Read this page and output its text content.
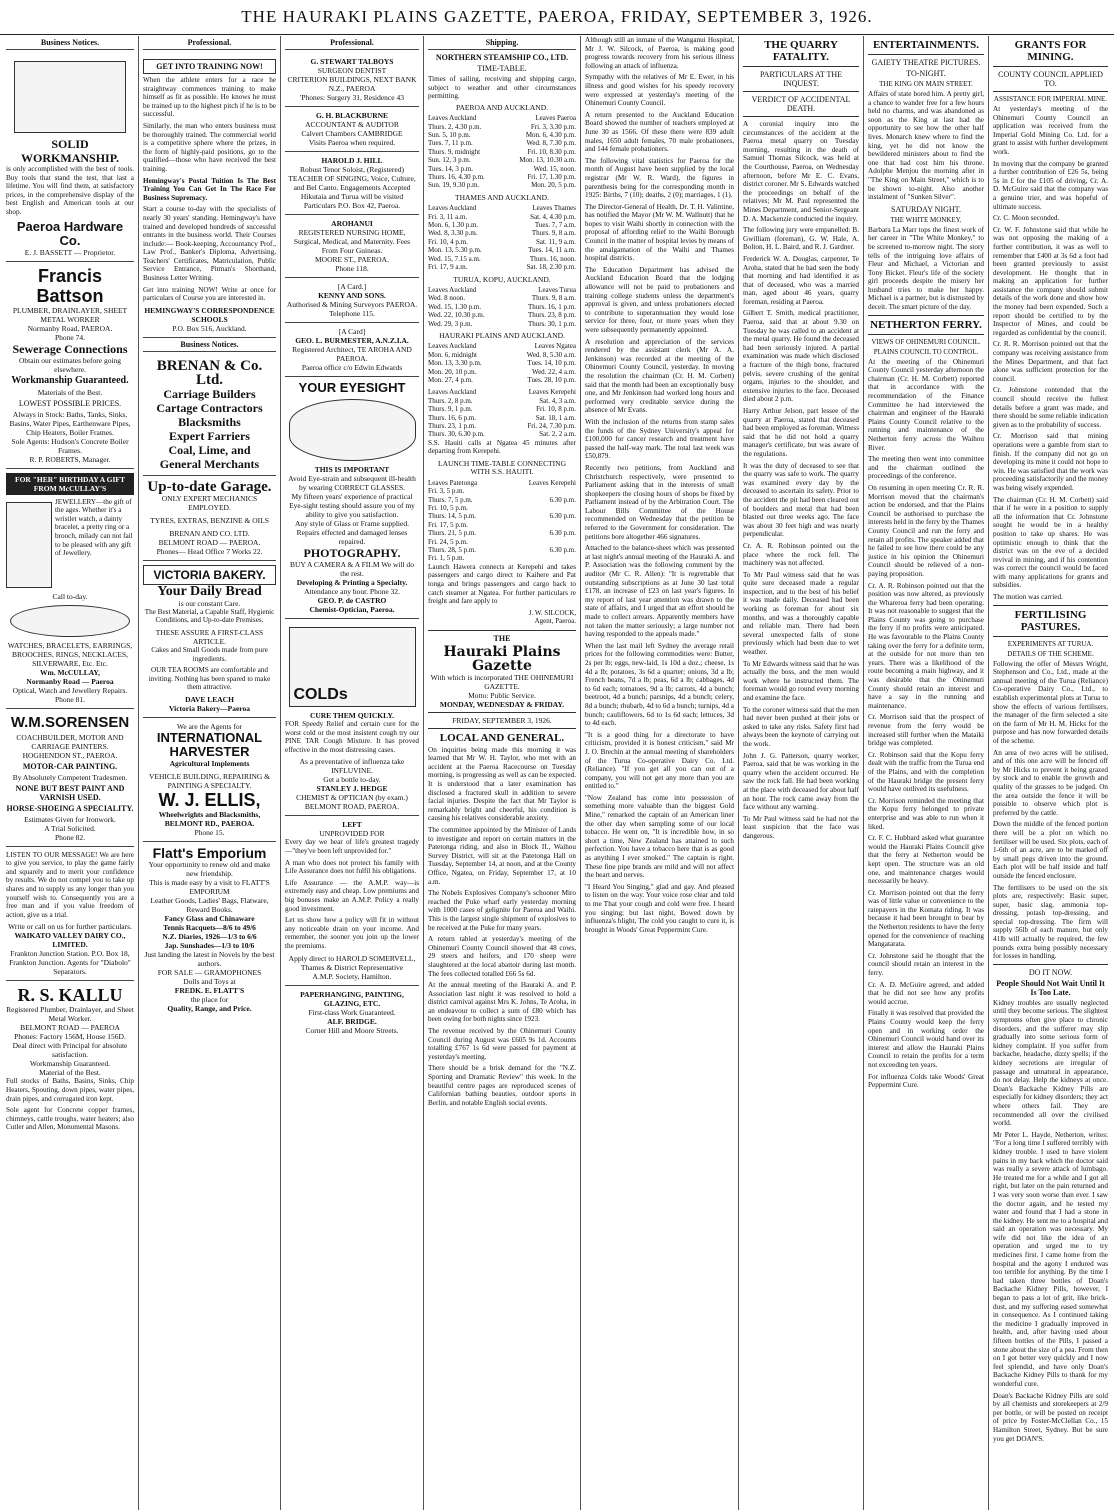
THE HAURAKI PLAINS GAZETTE, PAEROA, FRIDAY, SEPTEMBER 3, 1926.
Business Notices.
SOLID
WORKMANSHIP.
is only accomplished with the best of tools. Buy tools that stand the test, that last a lifetime. You will find them, at satisfactory prices, in the comprehensive display of the best English and American tools at our shop.
Paeroa Hardware Co.
E. J. BASSETT — Proprietor.
Francis Battson
PLUMBER, DRAINLAYER, SHEET METAL WORKER
Normanby Road, PAEROA.
Phone 74.
Sewerage Connections
Obtain our estimates before going elsewhere.
Workmanship Guaranteed.
Materials of the Best.
LOWEST POSSIBLE PRICES.
Always in Stock: Baths, Tanks, Sinks, Basins, Water Pipes, Earthenware Pipes, Chip Heaters, Boiler Frames.
Sole Agents: Hudson's Concrete Boiler Frames.
R. P. ROBERTS, Manager.
FOR "HER" BIRTHDAY A GIFT FROM McCULLAY'S
JEWELLERY—the gift of the ages. Whether it's a wristlet watch, a dainty bracelet, a pretty ring or a brooch, milady can not fail to be pleased with any gift of Jewellery.
Call to-day.
WATCHES, BRACELETS, EARRINGS, BROOCHES, RINGS, NECKLACES, SILVERWARE, Etc. Etc.
Wm. McCULLAY,
Normanby Road — Paeroa
Optical, Watch and Jewellery Repairs.
Phone 81.
W.M.SORENSEN
COACHBUILDER, MOTOR AND CARRIAGE PAINTERS.
HOGHENDON ST., PAEROA.
MOTOR-CAR PAINTING.
By Absolutely Competent Tradesmen.
NONE BUT BEST PAINT AND VARNISH USED.
HORSE-SHOEING A SPECIALITY.
Estimates Given for Ironwork.
A Trial Solicited.
Phone 82.
LISTEN TO OUR MESSAGE! We are here to give you service, to play the game fairly and squarely and to merit your confidence by results. We do not compel you to take up shares and to supply us any longer than you yourself wish to. Consequently you are a free man and if you value freedom of action, give us a trial.
Write or call on us for further particulars.
WAIKATO VALLEY DAIRY CO., LIMITED.
Frankton Junction Station. P.O. Box 18, Frankton Junction. Agents for "Diabolo" Separators.
R. S. KALLU
Registered Plumber, Drainlayer, and Sheet Metal Worker.
BELMONT ROAD — PAEROA
Phones: Factory 156M, House 156D.
Deal direct with Principal for absolute satisfaction.
Workmanship Guaranteed.
Material of the Best.
Full stocks of Baths, Basins, Sinks, Chip Heaters, Spouting, down pipes, water pipes, drain pipes, and corrugated iron kept.
Sole agent for Concrete copper frames, chimneys, cattle troughs, water heaters; also Cutler and Allen, Monumental Masons.
Professional.
GET INTO TRAINING NOW!
When the athlete enters for a race he straightway commences training to make himself as fit as possible. He knows he must be trained up to the highest pitch if he is to be successful.
Similarly, the man who enters business must be thoroughly trained. The commercial world is a competitive sphere where the prizes, in the form of highly-paid positions, go to the qualified—those who have received the best training.
Hemingway's Postal Tuition Is The Best Training You Can Get In The Race For Business Supremacy.
Start a course to-day with the specialists of nearly 30 years' standing. Hemingway's have trained and developed hundreds of successful entrants in the business world. Their Courses include:— Book-keeping, Accountancy Prof., Law Prof., Banker's Diploma, Advertising, Teachers' Certificates, Matriculation, Public Service Entrance, Pitman's Shorthand, Business Letter Writing.
Get into training NOW! Write at once for particulars of Course you are interested in.
HEMINGWAY'S CORRESPONDENCE SCHOOLS
P.O. Box 516, Auckland.
Business Notices.
BRENAN & Co. Ltd.
Carriage Builders
Cartage Contractors
Blacksmiths
Expert Farriers
Coal, Lime, and
General Merchants
Up-to-date Garage.
ONLY EXPERT MECHANICS EMPLOYED.
TYRES, EXTRAS, BENZINE & OILS
BRENAN AND CO. LTD.
BELMONT ROAD — PAEROA.
Phones— Head Office 7 Works 22.
VICTORIA BAKERY.
Your Daily Bread
is our constant Care.
The Best Material, a Capable Staff, Hygienic Conditions, and Up-to-date Premises.
THESE ASSURE A FIRST-CLASS ARTICLE.
Cakes and Small Goods made from pure ingredients.
OUR TEA ROOMS are comfortable and inviting. Nothing has been spared to make them attractive.
DAVE LEACH
Victoria Bakery—Paeroa
We are the Agents for
INTERNATIONAL HARVESTER
Agricultural Implements
VEHICLE BUILDING, REPAIRING & PAINTING A SPECIALTY.
W. J. ELLIS,
Wheelwrights and Blacksmiths,
BELMONT RD., PAEROA.
Phone 15.
Flatt's Emporium
Your opportunity to renew old and make new friendship.
This is made easy by a visit to FLATT'S EMPORIUM
Leather Goods, Ladies' Bags, Flatware, Reward Books.
Fancy Glass and Chinaware
Tennis Racquets—8/6 to 49/6
N.Z. Diaries, 1926—1/3 to 6/6
Jap. Sunshades—1/3 to 10/6
Just landing the latest in Novels by the best authors.
FOR SALE — GRAMOPHONES
Dolls and Toys at
FREDK. E. FLATT'S
the place for
Quality, Range, and Price.
Professional.
G. STEWART TALBOYS
SURGEON DENTIST
CRITERION BUILDINGS, NEXT BANK N.Z., PAEROA
'Phones: Surgery 31, Residence 43
G. H. BLACKBURNE
ACCOUNTANT & AUDITOR
Calvert Chambers CAMBRIDGE
Visits Paeroa when required.
HAROLD J. HILL
Robust Tenor Soloist, (Registered)
TEACHER OF SINGING, Voice, Culture, and Bel Canto. Engagements Accepted
Hikutaia and Turua will be visited
Particulars P.O. Box 42, Paeroa.
AROHANUI
REGISTERED NURSING HOME, Surgical, Medical, and Maternity. Fees From Four Guineas.
MOORE ST., PAEROA.
Phone 118.
[A Card.]
KENNY AND SONS.
Authorised & Mining Surveyors PAEROA.
Telephone 115.
[A Card]
GEO. L. BURMESTER, A.N.Z.I.A.
Registered Architect, TE AROHA AND PAEROA.
Paeroa office c/o Edwin Edwards
YOUR EYESIGHT
THIS IS IMPORTANT
Avoid Eye-strain and subsequent ill-health by wearing CORRECT GLASSES.
My fifteen years' experience of practical Eye-sight testing should assure you of my ability to give you satisfaction.
Any style of Glass or Frame supplied.
Repairs effected and damaged lenses repaired.
PHOTOGRAPHY.
BUY A CAMERA & A FILM We will do the rest.
Developing & Printing a Specialty.
Attendance any hour. Phone 32.
GEO. P. de CASTRO
Chemist-Optician, Paeroa.
COLDs
CURE THEM QUICKLY.
FOR Speedy Relief and certain cure for the worst cold or the most insistent cough try our PINE TAR Cough Mixture. It has proved effective in the most distressing cases.
As a preventative of influenza take INFLUVINE.
Get a bottle to-day.
STANLEY J. HEDGE
CHEMIST & OPTICIAN (by exam.)
BELMONT ROAD, PAEROA.
LEFT
UNPROVIDED FOR
Every day we hear of life's greatest tragedy—"they've been left unprovided for."
A man who does not protect his family with Life Assurance does not fulfil his obligations.
Life Assurance — the A.M.P. way—is extremely easy and cheap. Low premiums and big bonuses make an A.M.P. Policy a really good investment.
Let us show how a policy will fit in without any noticeable drain on your income. And remember, the sooner you join up the lower the premiums.
Apply direct to HAROLD SOMERVELL,
Thames & District Representative
A.M.P. Society, Hamilton.
PAPERHANGING, PAINTING, GLAZING, ETC.
First-class Work Guaranteed.
ALF. BRIDGE.
Corner Hill and Moore Streets.
Shipping.
NORTHERN STEAMSHIP CO., LTD.
TIME-TABLE.
Times of sailing, receiving and shipping cargo, subject to weather and other circumstances permitting.
PAEROA AND AUCKLAND.
Leaves Auckland	Leaves Paeroa
Thurs. 2, 4.30 p.m.	Fri. 3, 3.30 p.m.
Sun. 5, 10 p.m.	Mon. 6, 4.30 p.m.
Tues. 7, 11 p.m.	Wed. 8, 7.30 p.m.
Thurs. 9, midnight	Fri. 10, 8.30 p.m.
Sun. 12, 3 p.m.	Mon. 13, 10.30 a.m.
Tues. 14, 3 p.m.	Wed. 15, noon.
Thurs. 16, 4.30 p.m.	Fri. 17, 1.30 p.m.
Sun. 19, 9.30 p.m.	Mon. 20, 5 p.m.
THAMES AND AUCKLAND.
Leaves Auckland	Leaves Thames
Fri. 3, 11 a.m.	Sat. 4, 4.30 p.m.
Mon. 6, 1.30 p.m.	Tues. 7, 7 a.m.
Wed. 8, 3.30 p.m.	Thurs. 9, 8 a.m.
Fri. 10, 4 p.m.	Sat. 11, 9 a.m.
Mon. 13, 5.30 p.m.	Tues. 14, 11 a.m.
Wed. 15, 7.15 a.m.	Thurs. 16, noon.
Fri. 17, 9 a.m.	Sat. 18, 2.30 p.m.
TURUA, KOPU, AUCKLAND.
Leaves Auckland	Leaves Turua
Wed. 8 noon.	Thurs. 9, 8 a.m.
Wed. 15, 1.30 p.m.	Thurs. 16, 1 p.m.
Wed. 22, 10.30 p.m.	Thurs. 23, 8 p.m.
Wed. 29, 3 p.m.	Thurs. 30, 1 p.m.
HAURAKI PLAINS AND AUCKLAND.
Leaves Auckland	Leaves Ngatea
Mon. 6, midnight	Wed. 8, 5.30 a.m.
Mon. 13, 3.30 p.m.	Tues. 14, 10 p.m.
Mon. 20, 10 p.m.	Wed. 22, 4 a.m.
Mon. 27, 4 p.m.	Tues. 28, 10 p.m.
Leaves Auckland	Leaves Kerepehi
Thurs. 2, 8 p.m.	Sat. 4, 3 a.m.
Thurs. 9, 1 p.m.	Fri. 10, 8 p.m.
Thurs. 16, 6 p.m.	Sat. 18, 1 a.m.
Thurs. 23, 1 p.m.	Fri. 24, 7.30 p.m.
Thurs. 30, 6.30 p.m.	Sat. 2, 2 a.m.
S.S. Hauiti calls at Ngatea 45 minutes after departing from Kerepehi.
LAUNCH TIME-TABLE CONNECTING WITH S.S. HAUITI.
Leaves Patetonga	Leaves Kerepehi
Fri. 3, 5 p.m.
Thurs. 7, 5 p.m.	6.30 p.m.
Fri. 10, 5 p.m.
Thurs. 14, 5 p.m.	6.30 p.m.
Fri. 17, 5 p.m.
Thurs. 21, 5 p.m.	6.30 p.m.
Fri. 24, 5 p.m.
Thurs. 28, 5 p.m.	6.30 p.m.
Fri. 1, 5 p.m.
Launch Hawera connects at Kerepehi and takes passengers and cargo direct to Kaihere and Pat tonga and brings passengers and cargo back to catch steamer at Ngatea. For further particulars re freight and fare apply to
J. W. SILCOCK,
Agent, Paeroa.
THE
Hauraki Plains Gazette
With which is incorporated THE OHINEMURI GAZETTE.
Motto: Public Service.
MONDAY, WEDNESDAY & FRIDAY.
FRIDAY, SEPTEMBER 3, 1926.
LOCAL AND GENERAL.

On inquiries being made this morning it was learned that Mr W. H. Taylor, who met with an accident at the Paeroa Racecourse on Tuesday morning, is progressing as well as can be expected. It is understood that a later examination has disclosed a fractured skull in addition to severe facial injuries. Despite the fact that Mr Taylor is remarkably bright and cheerful, his condition is causing his relatives considerable anxiety.

The committee appointed by the Minister of Lands to investigate and report on certain matters in the Patetonga riding, and also in Block II., Waihou Survey District, will sit at the Patetonga Hall on Tuesday, September 14, at noon, and at the County Office, Ngatea, on Friday, September 17, at 10 a.m.

The Nobels Explosives Company's schooner Miro reached the Puke wharf early yesterday morning with 1000 cases of gelignite for Paeroa and Waihi. This is the largest single shipment of explosives to be received at the Puke for many years.

A return tabled at yesterday's meeting of the Ohinemuri County Council showed that 48 cows, 29 steers and heifers, and 170 sheep were slaughtered at the local abattoir during last month. The fees collected totalled £66 5s 6d.

At the annual meeting of the Hauraki A. and P. Association last night it was resolved to hold a district carnival against Mrs K. Johns, Te Aroha, in an endeavour to collect a sum of £80 which has been owing for both nights since 1923.

The revenue received by the Ohinemuri County Council during August was £605 9s 1d. Accounts totalling £767 1s 6d were passed for payment at yesterday's meeting.

There should be a brisk demand for the "N.Z. Sporting and Dramatic Review" this week. In the beautiful centre pages are reproduced scenes of Californian bathing beauties, outdoor sports in Berlin, and notable English social events.

Although still an inmate of the Wanganui Hospital, Mr J. W. Silcock, of Paeroa, is making good progress towards recovery from his serious illness following an attack of influenza.

Sympathy with the relatives of Mr E. Ewer, in his illness and good wishes for his speedy recovery were expressed at yesterday's meeting of the Ohinemuri County Council.

A return presented to the Auckland Education Board showed the number of teachers employed at June 30 as 1566. Of these there were 839 adult males, 1650 adult females, 70 male probationers, and 144 female probationers.

The following vital statistics for Paeroa for the month of August have been supplied by the local registrar (Mr W. R. Ward), the figures in parenthesis being for the corresponding month in 1925: Births, 7 (10); deaths, 2 (0); marriages, 1 (1).

The Director-General of Health, Dr. T. H. Valintine, has notified the Mayor (Mr W. M. Wallnutt) that he hopes to visit Waihi shortly in connection with the proposal of affording relief to the Waihi Borough Council in the matter of hospital levies by means of the amalgamation of the Waihi and Thames hospital districts.

The Education Department has advised the Auckland Education Board that the lodging allowance will not be paid to probationers and training college students unless the department's approval is given, and unless probationers elected to contribute to superannuation they would lose service for three, four, or more years when they were subsequently permanently appointed.

A resolution and appreciation of the services rendered by the assistant clerk (Mr A. A. Jenkinson) was recorded at the meeting of the Ohinemuri County Council, yesterday. In moving the resolution the chairman (Cr. H. M. Corbett) said that the month had been an exceptionally busy one, and Mr Jenkinson had worked long hours and performed very creditable service during the absence of Mr Evans.

With the inclusion of the returns from stamp sales the funds of the Sydney University's appeal for £100,000 for cancer research and treatment have passed the half-way mark. The total last week was £50,879.

Recently two petitions, from Auckland and Christchurch respectively, were presented to Parliament asking that in the interests of small shopkeepers the closing hours of shops be fixed by Parliament instead of by the Arbitration Court. The Labour Bills Committee of the House recommended on Wednesday that the petition be referred to the Government for consideration. The petitions bore altogether 466 signatures.

Attached to the balance-sheet which was presented at last night's annual meeting of the Hauraki A. and P. Association was the following comment by the auditor (Mr C. R. Allen): "It is regrettable that outstanding subscriptions as at June 30 last total £178, an increase of £23 on last year's figures. In my report of last year attention was drawn to the state of affairs, and I urged that an effort should be made to collect arrears. Apparently members have not taken the matter seriously; a large number not having responded to the appeals made."

When the last mail left Sydney the average retail prices for the following commodities were: Butter, 2s per lb; eggs, new-laid, 1s 10d a doz.; cheese, 1s 4d a lb; potatoes, 3s 6d a quarter; onions, 3d a lb; French beans, 7d a lb; peas, 6d a lb; cabbages, 4d to 6d each; tomatoes, 9d a lb; carrots, 4d a bunch; beetroot, 4d a bunch; parsnips, 4d a bunch; celery, 8d a bunch; rhubarb, 4d to 6d a bunch; turnips, 4d a bunch; cauliflowers, 6d to 1s 6d each; lettuces, 3d to 4d each.

"It is a good thing for a directorate to have criticism, provided it is honest criticism," said Mr J. O. Brechin at the annual meeting of shareholders of the Turua Co-operative Dairy Co. Ltd. (Reliance). "If you get all you can out of a company, you will not get any more than you are entitled to."

"Now Zealand has come into possession of something more valuable than the biggest Gold Mine," remarked the captain of an American liner the other day when sampling some of our local tobacco. He went on, "It is incredible how, in so short a time, New Zealand has attained to such perfection. You have a tobacco here that is as good as anything I ever smoked." The captain is right. These fine pipe brands are mild and will not affect the heart and nerves.

"I Heard You Singing," glad and gay. And pleased to listen on the way. Your voice rose clear and told to me That your cough and cold were free. I heard you singing; but last night, Bowed down by influenza's blight, The cold you caught to cure it, is brought in Woods' Great Peppermint Cure.

THE QUARRY FATALITY.
PARTICULARS AT THE INQUEST.
VERDICT OF ACCIDENTAL DEATH.

A coronial inquiry into the circumstances of the accident at the Paeroa metal quarry on Tuesday morning, resulting in the death of Samuel Thomas Silcock, was held at the Courthouse, Paeroa, on Wednesday afternoon, before Mr E. C. Evans, district coroner. Mr S. Edwards watched the proceedings on behalf of the relatives; Mr M. Paul represented the Mines Department, and Senior-Sergeant D. A. Mackenzie conducted the inquiry.

The following jury were empanelled: B. Gwilliam (foreman), G. W. Hale, A. Bolton, H. L. Baird, and R. J. Gardner.

Frederick W. A. Douglas, carpenter, Te Aroha, stated that he had seen the body that morning and had identified it as that of deceased, who was a married man, aged about 46 years, quarry foreman, residing at Paeroa.

Gilbert T. Smith, medical practitioner, Paeroa, said that at about 9.30 on Tuesday he was called to an accident at the metal quarry. He found the deceased had been seriously injured. A partial examination was made which disclosed a fracture of the thigh bone, fractured pelvis, severe crushing of the genital organs, injuries to the shoulder, and extensive injuries to the face. Deceased died about 2 p.m.

Harry Arthur Jelson, part lessee of the quarry at Paeroa, stated that deceased had been employed as foreman. Witness said that he did not hold a quarry manager's certificate, but was aware of the regulations.

It was the duty of deceased to see that the quarry was safe to work. The quarry was examined every day by the deceased to ascertain its safety. Prior to the accident the pit had been cleared out of boulders and metal that had been blasted out three weeks ago. The face was about 30 feet high and was nearly perpendicular.

Cr. A. R. Robinson pointed out the place where the rock fell. The machinery was not affected.

To Mr Paul witness said that he was quite sure deceased made a regular inspection, and to the best of his belief it was made daily. Deceased had been working as foreman for about six months, and was a thoroughly capable and reliable man. There had been several unexpected falls of stone previously which had been due to wet weather.

To Mr Edwards witness said that he was actually the boss, and the men would work where he instructed them. The foreman would go round every morning and examine the face.

To the coroner witness said that the men had never been pushed at their jobs or asked to take any risks. Safety first had always been the keynote of carrying out the work.

John J. G. Patterson, quarry worker, Paeroa, said that he was working in the quarry when the accident occurred. He saw the rock fall. He had been working at the place with deceased for about half an hour. The rock came away from the face without any warning.

To Mr Paul witness said he had not the least suspicion that the face was dangerous.

ENTERTAINMENTS.
GAIETY THEATRE PICTURES.
TO-NIGHT.
THE KING ON MAIN STREET.

Affairs of state bored him. A pretty girl, a chance to wander free for a few hours held no charms, and was abandoned as soon as the King at last had the opportunity to see how the other half lives. Monarch knew where to find the king, yet he did not know the bewildered ministers about to find the one that had cost him his throne. Adolphe Menjou the morning after in "The King on Main Street," which is to be shown to-night. Also another instalment of "Sunken Silver".

SATURDAY NIGHT.
THE WHITE MONKEY.

Barbara La Marr tops the finest work of her career in "The White Monkey," to be screened to-morrow night. The story tells of the intriguing love affairs of Fleur and Michael, a Victorian and Tony Bicket. Fleur's life of the society girl proceeds despite the misery her husband tries to make her happy. Michael is a partner, but is distrusted by deceit. The smart picture of the day.

NETHERTON FERRY.
VIEWS OF OHINEMURI COUNCIL.
PLAINS COUNCIL TO CONTROL.

At the meeting of the Ohinemuri County Council yesterday afternoon the chairman (Cr. H. M. Corbett) reported that in accordance with the recommendation of the Finance Committee he had interviewed the chairman and engineer of the Hauraki Plains County Council relative to the running and maintenance of the Netherton ferry across the Waihou River.

The meeting then went into committee and the chairman outlined the proceedings of the conference.

On resuming in open meeting Cr. R. R. Morrison moved that the chairman's action be endorsed, and that the Plains Council be authorised to purchase the interests held in the ferry by the Thames County Council and run the ferry and retain all profits. The speaker added that he failed to see how there could be any justice in his opinion the Ohinemuri Council should be relieved of a non-paying proposition.

Cr. A. R. Robinson pointed out that the position was now altered, as previously the Whareroa ferry had been operating. It was not reasonable to suggest that the Plains County was going to purchase the ferry if no profits were anticipated. He was favourable to the Plains County taking over the ferry for a definite term, at the outside for not more than ten years. There was a likelihood of the route becoming a main highway, and it was desirable that the Ohinemuri County should retain an interest and have a say in the running and maintenance.

Cr. Morrison said that the prospect of revenue from the ferry would be increased still further when the Mataiki bridge was completed.

Cr. Robinson said that the Kopu ferry dealt with the traffic from the Turua end of the Plains, and with the completion of the Hauraki bridge the present ferry would have outlived its usefulness.

Cr. Morrison reminded the meeting that the Kopu ferry belonged to private enterprise and was able to run when it liked.

Cr. F. C. Hubbard asked what guarantee would the Hauraki Plains Council give that the ferry at Netherton would be kept open. The structure was an old one, and maintenance charges would necessarily be heavy.

Cr. Morrison pointed out that the ferry was of little value or convenience to the ratepayers in the Komata riding. It was because it had been brought to bear by the Netherton residents to have the ferry opened for the convenience of reaching Mangatarata.

Cr. Johnstone said he thought that the council should retain an interest in the ferry.

Cr. A. D. McGuire agreed, and added that he did not see how any profits would accrue.

Finally it was resolved that provided the Plains County would keep the ferry open and in working order the Ohinemuri Council would hand over its interest and allow the Hauraki Plains Council to retain the profits for a term not exceeding ten years.

For influenza Colds take Woods' Great Peppermint Cure.

GRANTS FOR MINING.
COUNTY COUNCIL APPLIED TO.
ASSISTANCE FOR IMPERIAL MINE.

At yesterday's meeting of the Ohinemuri County Council an application was received from the Imperial Gold Mining Co. Ltd. for a grant to assist with further development work.

In moving that the company be granted a further contribution of £26 5s, being 5s in £ for the £105 of driving, Cr. A. D. McGuire said that the company was a genuine trier, and was hopeful of ultimate success.

Cr. C. Moon seconded.

Cr. W. F. Johnstone said that while he was not opposing the making of a further contribution, it was as well to remember that £400 at 3s 6d a foot had been granted previously to assist development. He thought that in making an application for further assistance the company should submit details of the work done and show how the money had been expended. Such a report should be certified to by the Inspector of Mines, and could be regarded as confidential by the council.

Cr. R. R. Morrison pointed out that the company was receiving assistance from the Mines Department, and that fact alone was sufficient protection for the council.

Cr. Johnstone contended that the council should receive the fullest details before a grant was made, and there should be some reliable indication given as to the probability of success.

Cr. Morrison said that mining operations were a gamble from start to finish. If the company did not go on developing its mine it could not hope to win. He was satisfied that the work was proceeding satisfactorily and the money was being wisely expended.

The chairman (Cr. H. M. Corbett) said that if he were in a position to supply all the information that Cr. Johnstone sought he would be in a healthy position to take up shares. He was optimistic enough to think that the district was on the eve of a decided revival in mining, and if his contention was correct the council would be faced with many applications for grants and subsidies.

The motion was carried.

FERTILISING PASTURES.
EXPERIMENTS AT TURUA.
DETAILS OF THE SCHEME.

Following the offer of Messrs Wright, Stephenson and Co., Ltd., made at the annual meeting of the Turua (Reliance) Co-operative Dairy Co., Ltd., to establish experimental plots at Turua to show the effects of various fertilisers, the manager of the firm selected a site on the farm of Mr H. M. Hicks for the purpose and has now forwarded details of the scheme.

An area of two acres will be utilised, and of this one acre will be fenced off by Mr Hicks to prevent it being grazed by stock and to enable the growth and quality of the grasses to be judged. On the area outside the fence it will be possible to observe which plot is preferred by the cattle.

Down the middle of the fenced portion there will be a plot on which no fertiliser will be used. Six plots, each of 1-6th of an acre, are to be marked off by small pegs driven into the ground. Each plot will be half inside and half outside the fenced enclosure.

The fertilisers to be used on the six plots are, respectively: Basic super, super, basic slag, ammonia top-dressing, potash top-dressing, and special top-dressing. The firm will supply 56lb of each manure, but only 41lb will actually be required, the few pounds extra being possibly necessary for losses in handling.

DO IT NOW.
People Should Not Wait Until It Is Too Late.

Kidney troubles are usually neglected until they become serious. The slightest symptoms often give place to chronic disorders, and the sufferer may slip gradually into some serious form of kidney complaint. If you suffer from backache, headache, dizzy spells; if the kidney secretions are irregular of passage and unnatural in appearance, do not delay. Help the kidneys at once. Doan's Backache Kidney Pills are especially for kidney disorders; they act where others fail. They are recommended all over the civilised world.

Mr Peter L. Hayde, Netherton, writes: "For a long time I suffered terribly with kidney trouble. I used to have violent pains in my back which the doctor said was really a severe attack of lumbago. He treated me for a while and I got all right, but later on the pain returned and I was very soon worse than ever. I saw the doctor again, and he tested my water and found that I had a stone in the kidney. He sent me to a hospital and said an operation was necessary. My wife did not like the idea of an operation and urged me to try medicines first. I came home from the hospital and the agony I endured was too terrible for anything. By the time I had taken three bottles of Doan's Backache Kidney Pills, however, I began to pass a lot of grit, like brick-dust, and my suffering eased somewhat in consequence. As I continued taking the medicine I gradually improved in health, and, after having used about fifteen bottles of the Pills, I passed a stone about the size of a pea. From then on I got better very quickly and I now feel splendid, and have only Doan's Backache Kidney Pills to thank for my wonderful cure.

Doan's Backache Kidney Pills are sold by all chemists and storekeepers at 2/9 per bottle, or will be posted on receipt of price by Foster-McClellan Co., 15 Hamilton Street, Sydney. But be sure you get DOAN'S.
